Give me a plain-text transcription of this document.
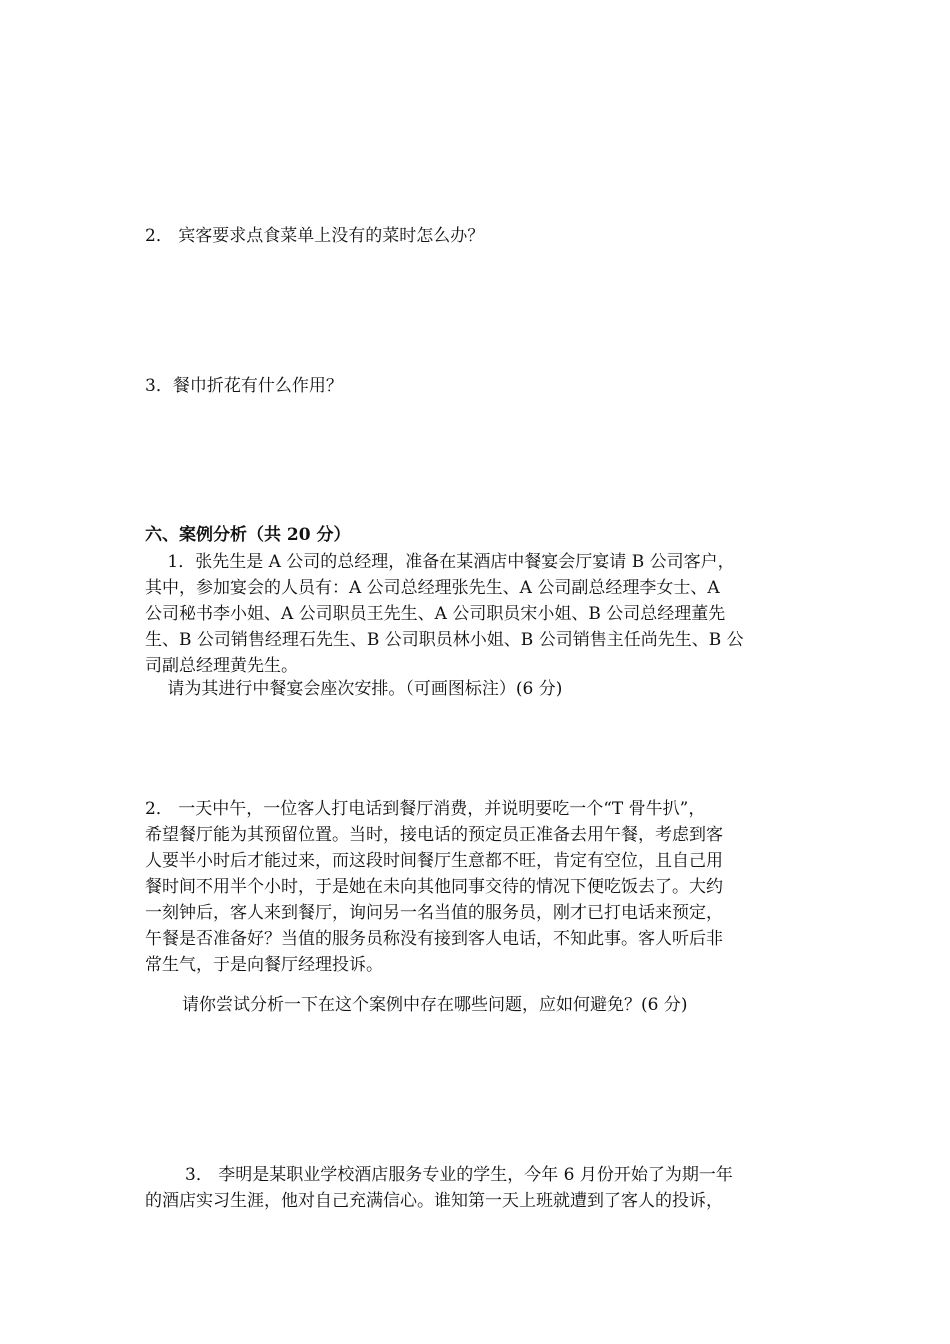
2． 宾客要求点食菜单上没有的菜时怎么办？
3．餐巾折花有什么作用？
六、案例分析（共 20 分）
　 1．张先生是 A 公司的总经理，准备在某酒店中餐宴会厅宴请 B 公司客户，
其中，参加宴会的人员有：A 公司总经理张先生、A 公司副总经理李女士、A
公司秘书李小姐、A 公司职员王先生、A 公司职员宋小姐、B 公司总经理董先
生、B 公司销售经理石先生、B 公司职员林小姐、B 公司销售主任尚先生、B 公
司副总经理黄先生。
　 请为其进行中餐宴会座次安排。（可画图标注）(6 分)
2． 一天中午，一位客人打电话到餐厅消费，并说明要吃一个“T 骨牛扒”，
希望餐厅能为其预留位置。当时，接电话的预定员正准备去用午餐，考虑到客
人要半小时后才能过来，而这段时间餐厅生意都不旺，肯定有空位，且自己用
餐时间不用半个小时，于是她在未向其他同事交待的情况下便吃饭去了。大约
一刻钟后，客人来到餐厅，询问另一名当值的服务员，刚才已打电话来预定，
午餐是否准备好？当值的服务员称没有接到客人电话，不知此事。客人听后非
常生气，于是向餐厅经理投诉。
请你尝试分析一下在这个案例中存在哪些问题，应如何避免？(6 分)
3． 李明是某职业学校酒店服务专业的学生，今年 6 月份开始了为期一年
的酒店实习生涯，他对自己充满信心。谁知第一天上班就遭到了客人的投诉，
